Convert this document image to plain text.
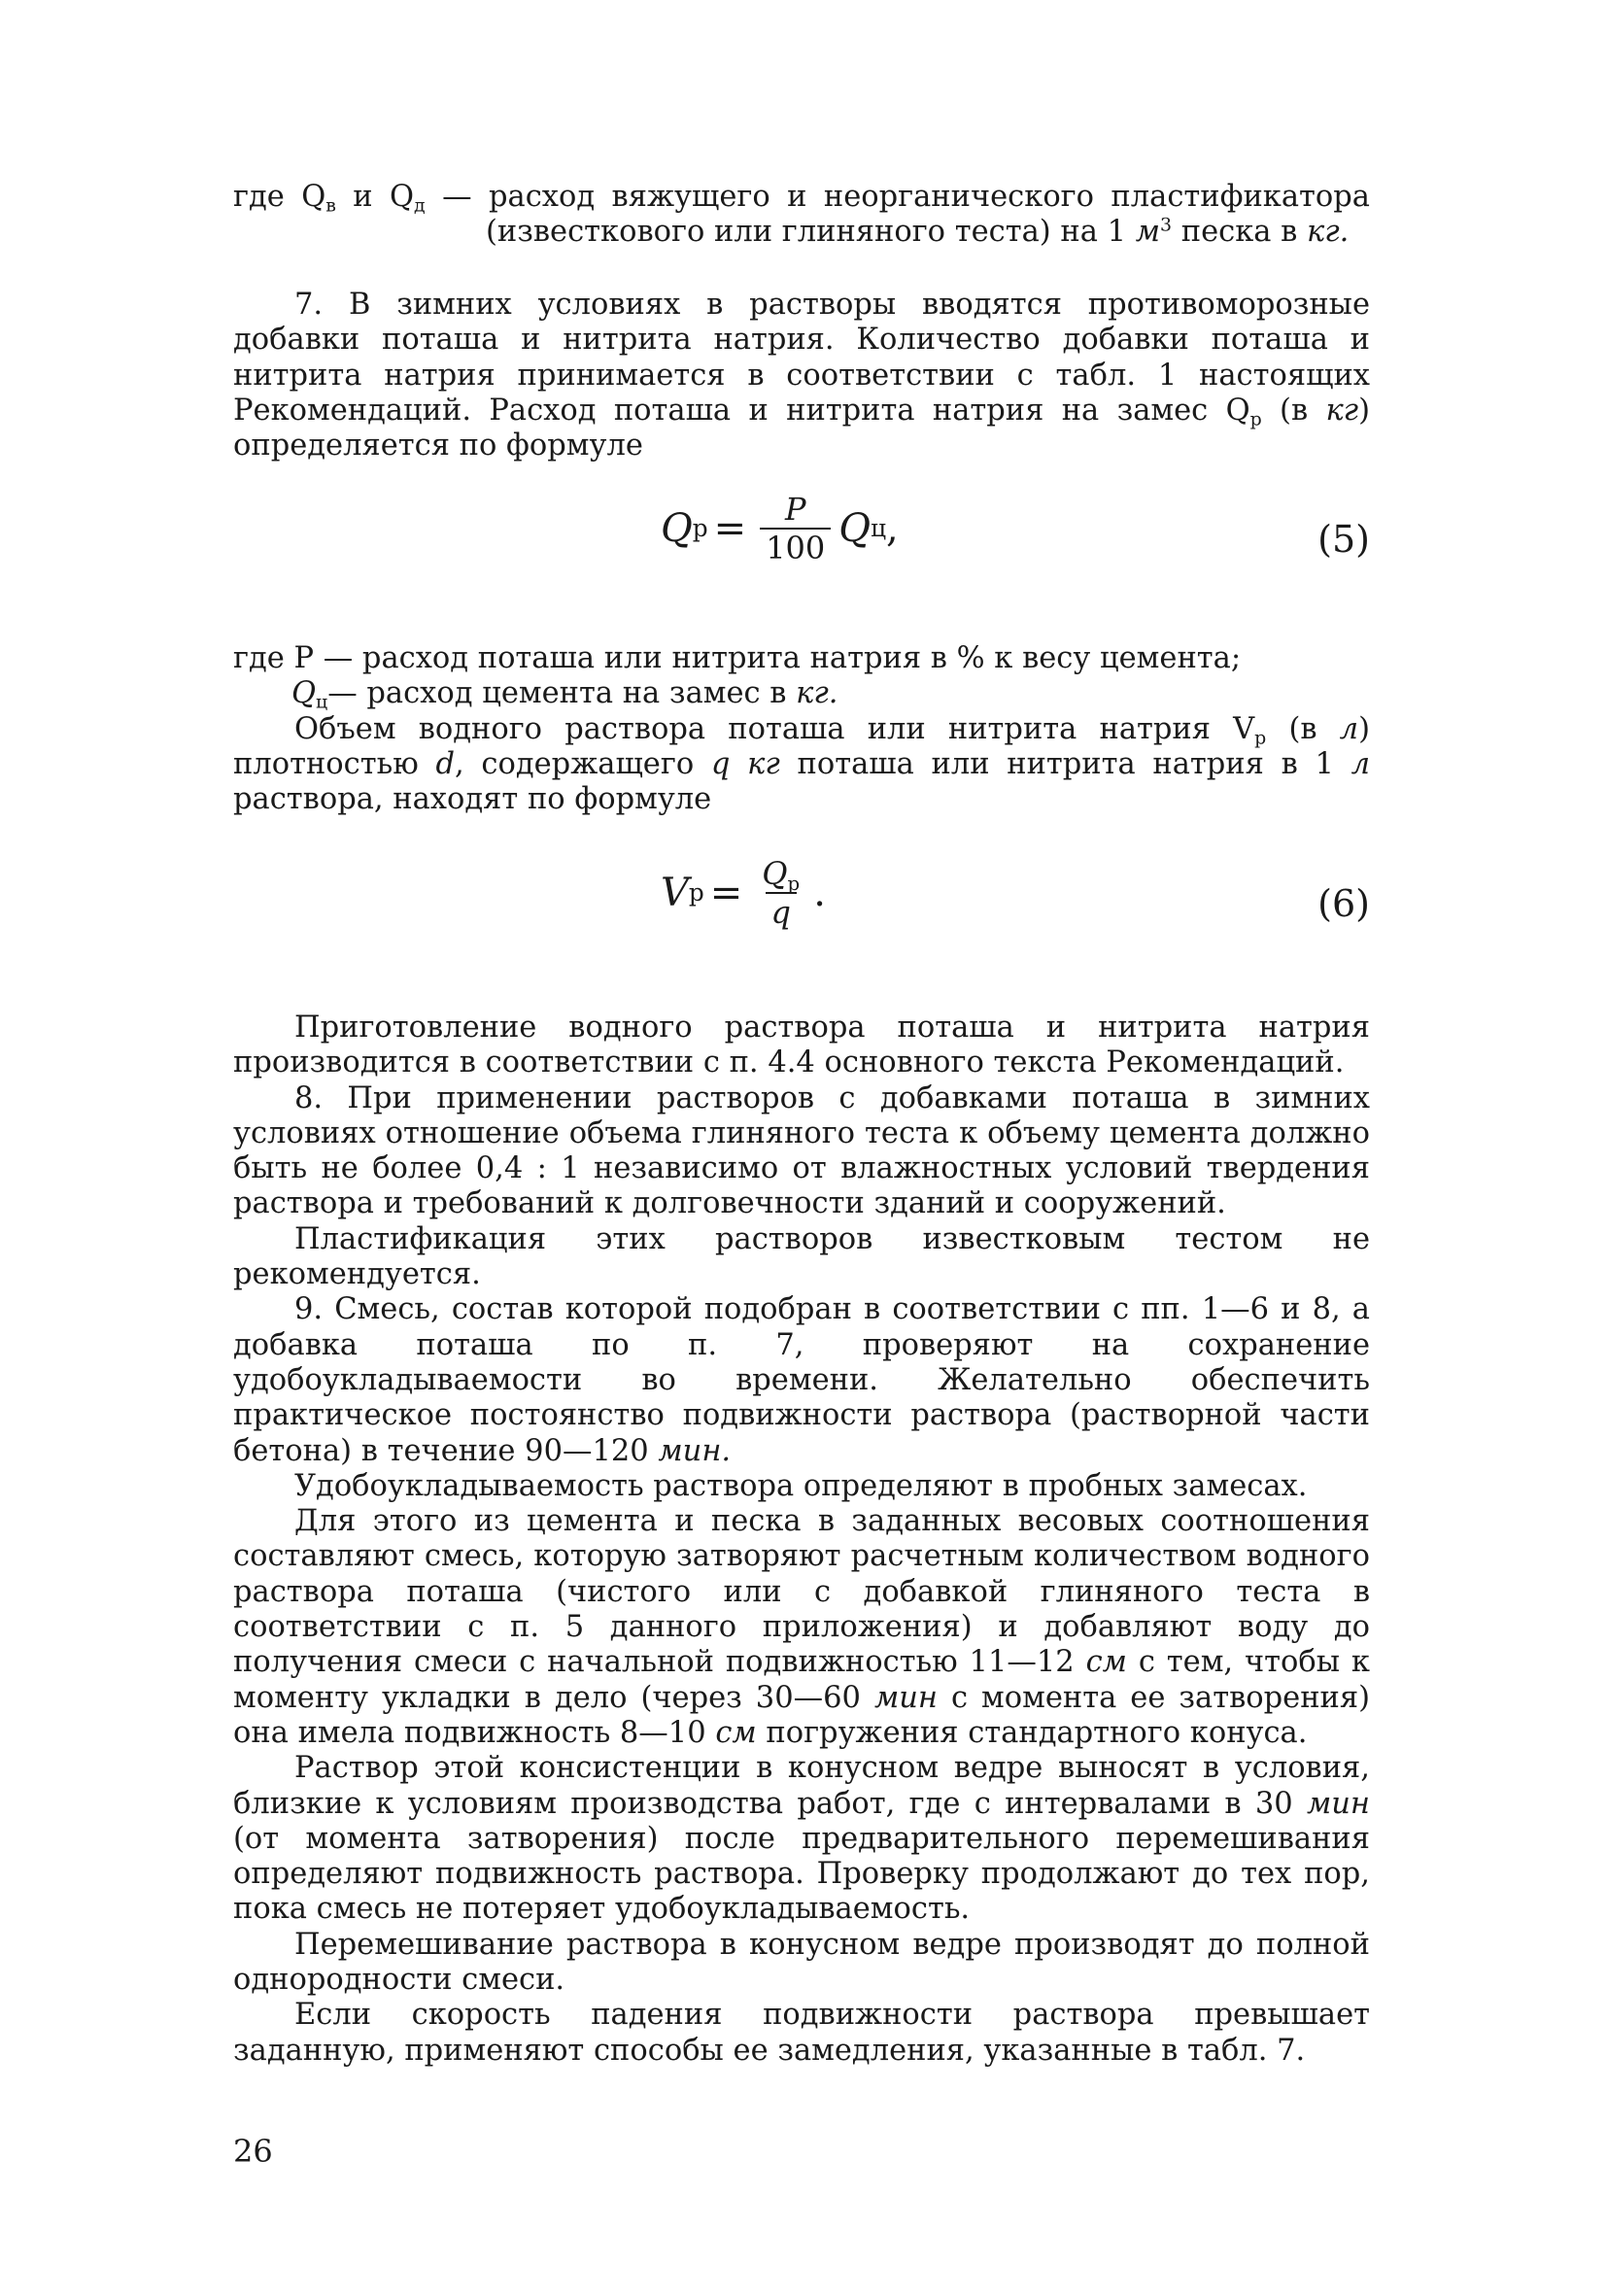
где $Q_в$ и $Q_д$ — расход вяжущего и неорганического пластификатора (известкового или глиняного теста) на 1 $м^3$ песка в кг.

7. В зимних условиях в растворы вводятся противоморозные добавки поташа и нитрита натрия. Количество добавки поташа и нитрита натрия принимается в соответствии с табл. 1 настоящих Рекомендаций. Расход поташа и нитрита натрия на замес $Q_р$ (в кг) определяется по формуле

Q $р = \frac{P}{100}$ Q ц ,	(5)

где P — расход поташа или нитрита натрия в % к весу цемента;

$Q_ц—$ расход цемента на замес в кг.

Объем водного раствора поташа или нитрита натрия $V_р$ (в л) плотностью d, содержащего q кг поташа или нитрита натрия в 1 л раствора, находят по формуле

V $р = \frac{Q_р}{q}$ .	(6)

Приготовление водного раствора поташа и нитрита натрия производится в соответствии с п. 4.4 основного текста Рекомендаций.

8. При применении растворов с добавками поташа в зимних условиях отношение объема глиняного теста к объему цемента должно быть не более 0,4 : 1 независимо от влажностных условий твердения раствора и требований к долговечности зданий и сооружений.

Пластификация этих растворов известковым тестом не рекомендуется.

9. Смесь, состав которой подобран в соответствии с пп. 1—6 и 8, а добавка поташа по п. 7, проверяют на сохранение удобоукладываемости во времени. Желательно обеспечить практическое постоянство подвижности раствора (растворной части бетона) в течение 90—120 мин.

Удобоукладываемость раствора определяют в пробных замесах.

Для этого из цемента и песка в заданных весовых соотношения составляют смесь, которую затворяют расчетным количеством водного раствора поташа (чистого или с добавкой глиняного теста в соответствии с п. 5 данного приложения) и добавляют воду до получения смеси с начальной подвижностью 11—12 см с тем, чтобы к моменту укладки в дело (через 30—60 мин с момента ее затворения) она имела подвижность 8—10 см погружения стандартного конуса.

Раствор этой консистенции в конусном ведре выносят в условия, близкие к условиям производства работ, где с интервалами в 30 мин (от момента затворения) после предварительного перемешивания определяют подвижность раствора. Проверку продолжают до тех пор, пока смесь не потеряет удобоукладываемость.

Перемешивание раствора в конусном ведре производят до полной однородности смеси.

Если скорость падения подвижности раствора превышает заданную, применяют способы ее замедления, указанные в табл. 7.

26
